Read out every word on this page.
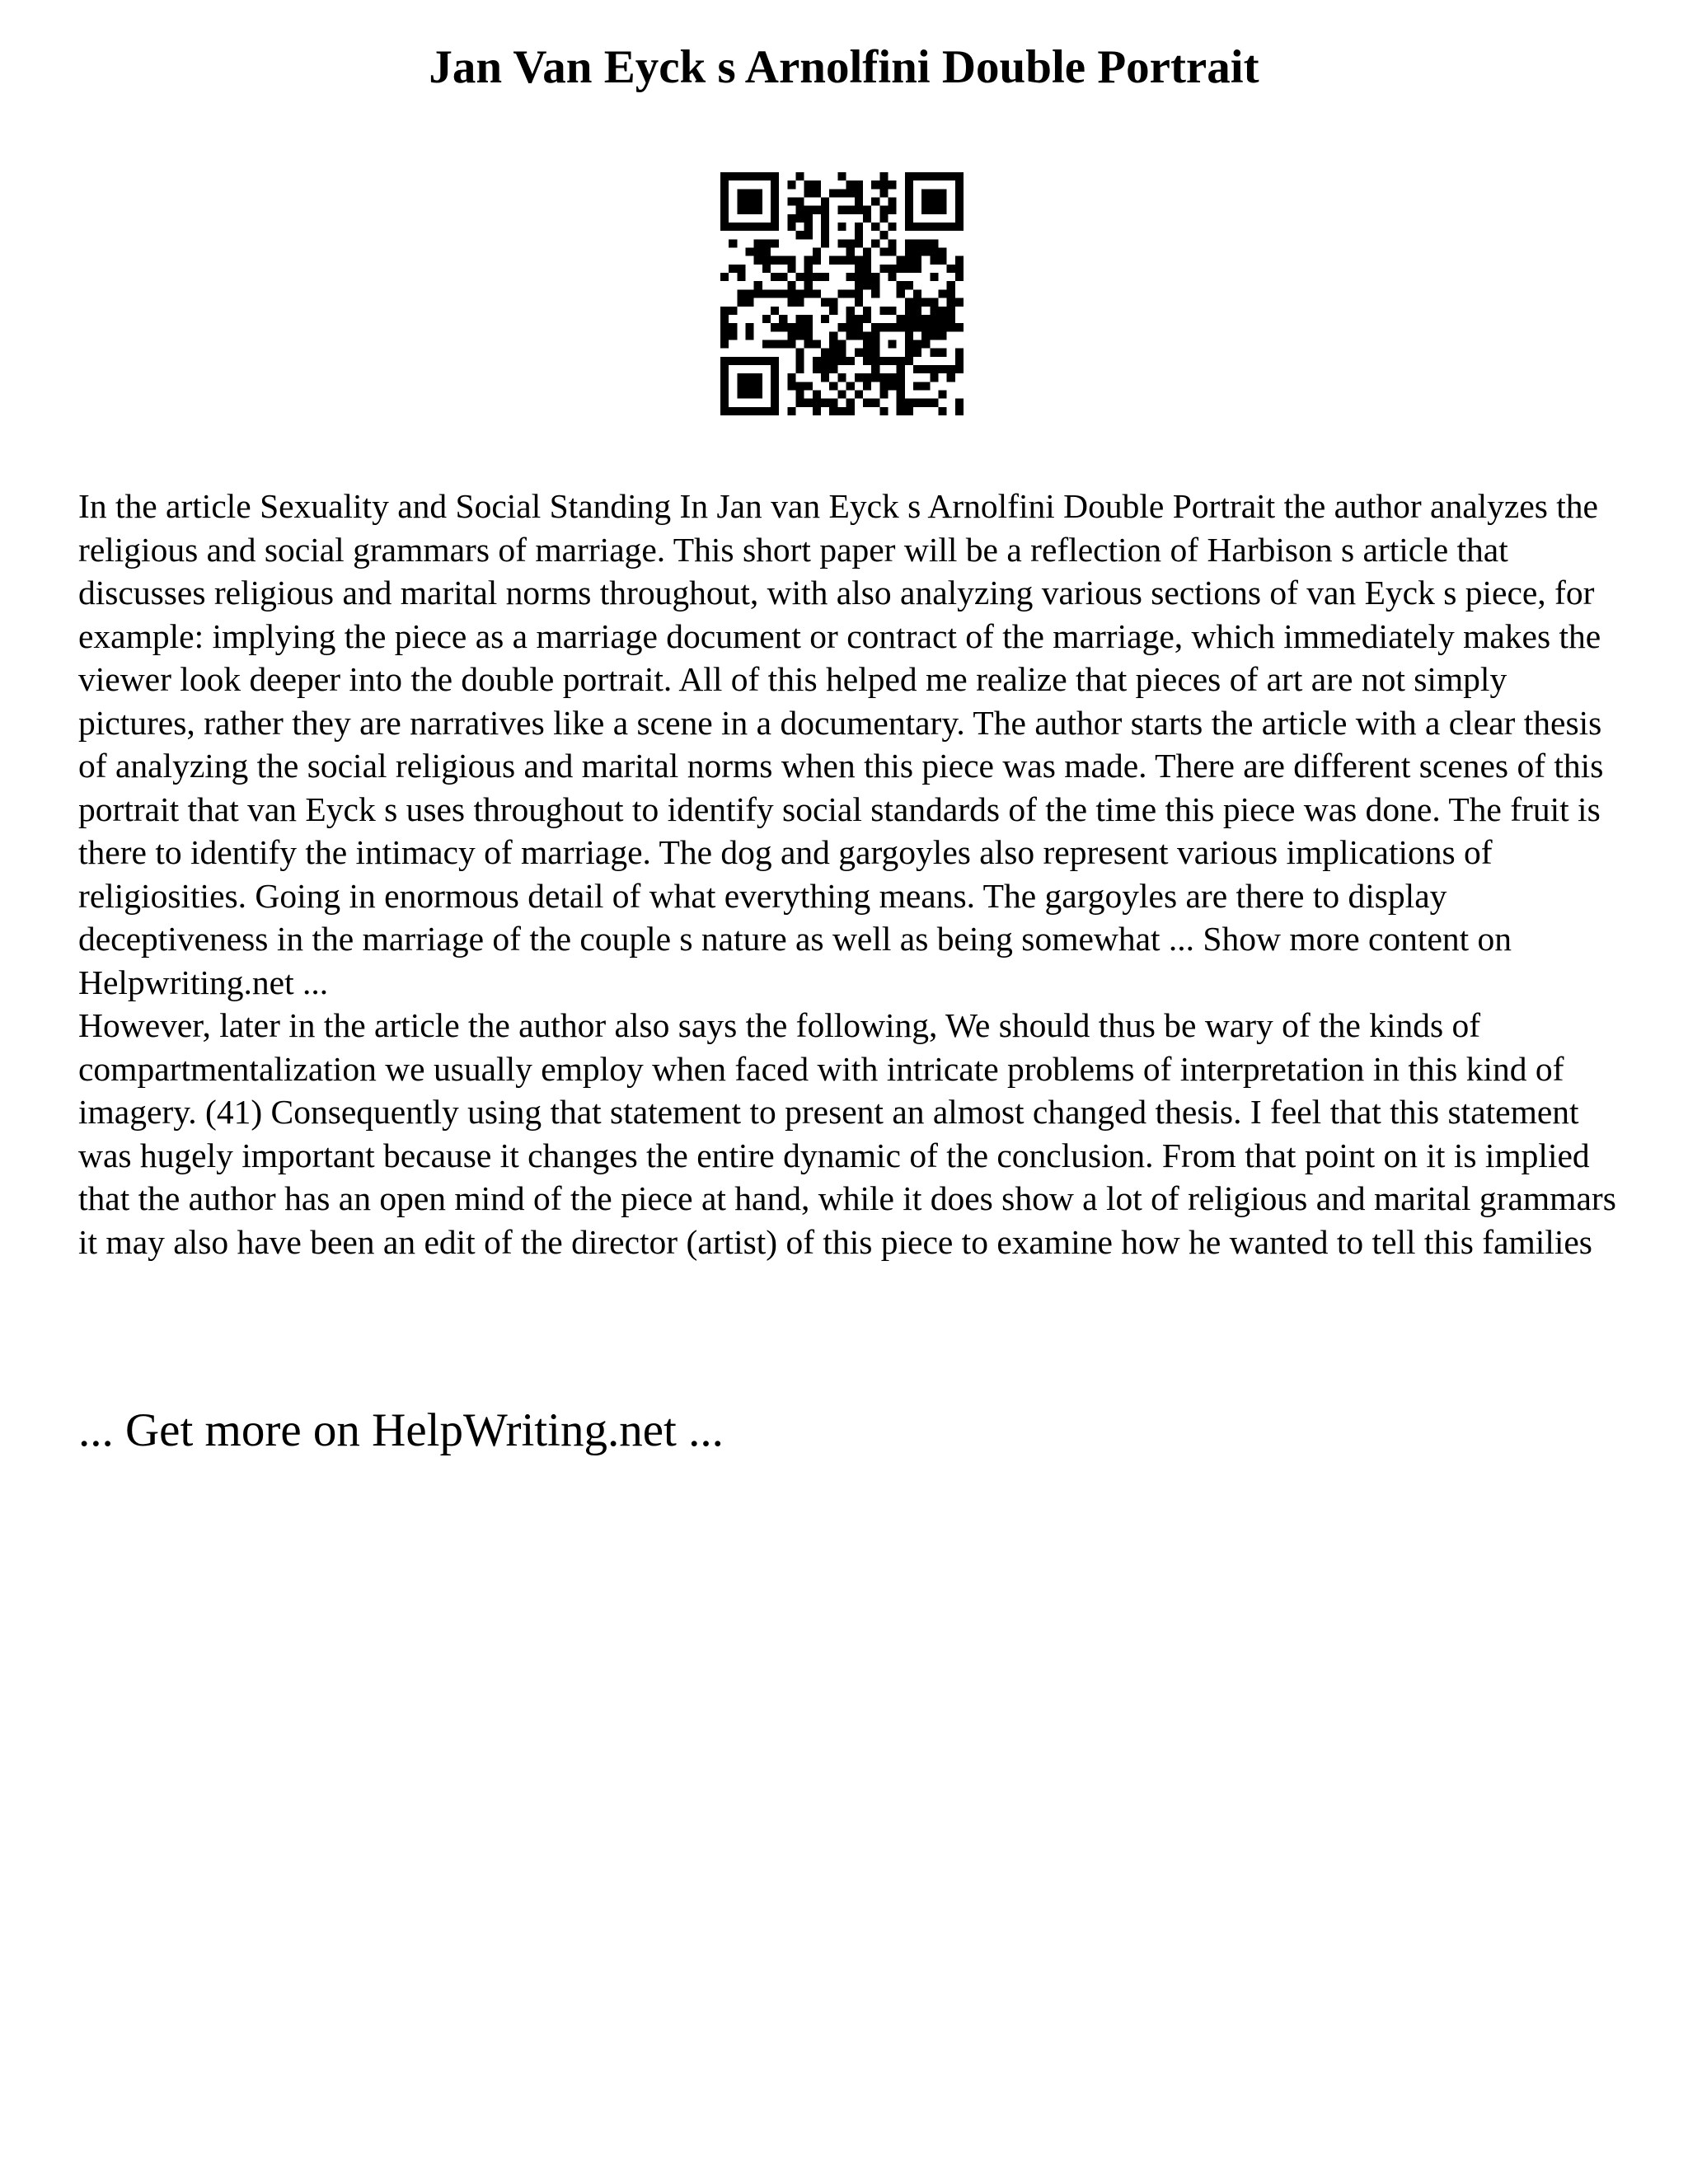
Jan Van Eyck s Arnolfini Double Portrait

In the article Sexuality and Social Standing In Jan van Eyck s Arnolfini Double Portrait the author analyzes the religious and social grammars of marriage. This short paper will be a reflection of Harbison s article that discusses religious and marital norms throughout, with also analyzing various sections of van Eyck s piece, for example: implying the piece as a marriage document or contract of the marriage, which immediately makes the viewer look deeper into the double portrait. All of this helped me realize that pieces of art are not simply pictures, rather they are narratives like a scene in a documentary. The author starts the article with a clear thesis of analyzing the social religious and marital norms when this piece was made. There are different scenes of this portrait that van Eyck s uses throughout to identify social standards of the time this piece was done. The fruit is there to identify the intimacy of marriage. The dog and gargoyles also represent various implications of religiosities. Going in enormous detail of what everything means. The gargoyles are there to display deceptiveness in the marriage of the couple s nature as well as being somewhat ... Show more content on Helpwriting.net ...

However, later in the article the author also says the following, We should thus be wary of the kinds of compartmentalization we usually employ when faced with intricate problems of interpretation in this kind of imagery. (41) Consequently using that statement to present an almost changed thesis. I feel that this statement was hugely important because it changes the entire dynamic of the conclusion. From that point on it is implied that the author has an open mind of the piece at hand, while it does show a lot of religious and marital grammars it may also have been an edit of the director (artist) of this piece to examine how he wanted to tell this families

... Get more on HelpWriting.net ...
